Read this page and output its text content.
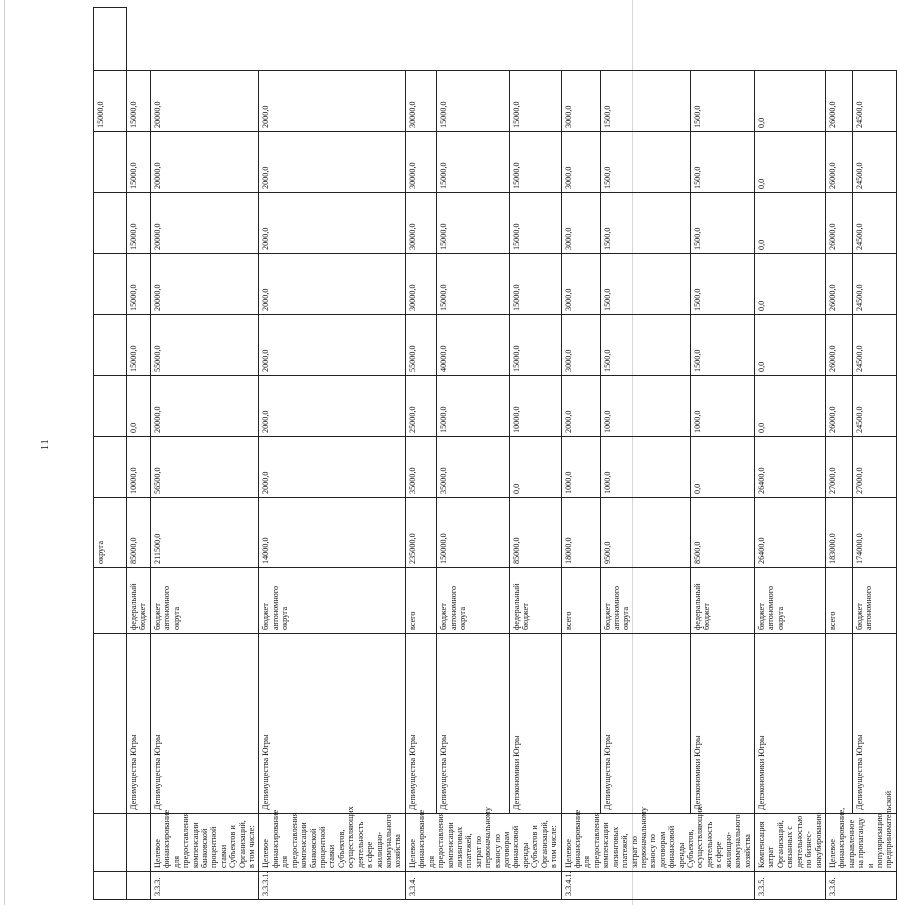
11
				округа							15000,0	
		Депимущества Югры	федеральный бюджет	85000,0	10000,0	0,0	15000,0	15000,0	15000,0	15000,0	15000,0	
3.3.3.	Целевое финансирование для предоставления компенсации банковской процентной ставки Субъектов и Организаций, в том числе:	Депимущества Югры	бюджет автономного округа	211500,0	56500,0	20000,0	55000,0	20000,0	20000,0	20000,0	20000,0	
3.3.3.1.	Целевое финансирование для предоставления компенсации банковской процентной ставки Субъектов, осуществляющих деятельность в сфере жилищно-коммунального хозяйства	Депимущества Югры	бюджет автономного округа	14000,0	2000,0	2000,0	2000,0	2000,0	2000,0	2000,0	2000,0	
3.3.4.	Целевое финансирование для предоставления компенсации лизинговых платежей, затрат по первоначальному взносу по договорам финансовой аренды Субъектов и Организаций, в том числе:	Депимущества Югры	всего	235000,0	35000,0	25000,0	55000,0	30000,0	30000,0	30000,0	30000,0	
		Депимущества Югры	бюджет автономного округа	150000,0	35000,0	15000,0	40000,0	15000,0	15000,0	15000,0	15000,0	
		Депэкономики Югры	федеральный бюджет	85000,0	0,0	10000,0	15000,0	15000,0	15000,0	15000,0	15000,0	
3.3.4.1.	Целевое финансирование для предоставления компенсации лизинговых платежей, затрат по первоначальному взносу по договорам финансовой аренды Субъектов, осуществляющих деятельность в сфере жилищно-коммунального хозяйства		всего	18000,0	1000,0	2000,0	3000,0	3000,0	3000,0	3000,0	3000,0	
		Депимущества Югры	бюджет автономного округа	9500,0	1000,0	1000,0	1500,0	1500,0	1500,0	1500,0	1500,0	
		Депэкономики Югры	федеральный бюджет	8500,0	0,0	1000,0	1500,0	1500,0	1500,0	1500,0	1500,0	
3.3.5.	Компенсация затрат Организаций, связанных с деятельностью по бизнес-инкубированию	Депэкономики Югры	бюджет автономного округа	26400,0	26400,0	0,0	0,0	0,0	0,0	0,0	0,0	
3.3.6.	Целевое финансирование, направленное на пропаганду и популяризацию предпринимательской		всего	183000,0	27000,0	26000,0	26000,0	26000,0	26000,0	26000,0	26000,0	
		Депимущества Югры	бюджет автономного	174000,0	27000,0	24500,0	24500,0	24500,0	24500,0	24500,0	24500,0	
